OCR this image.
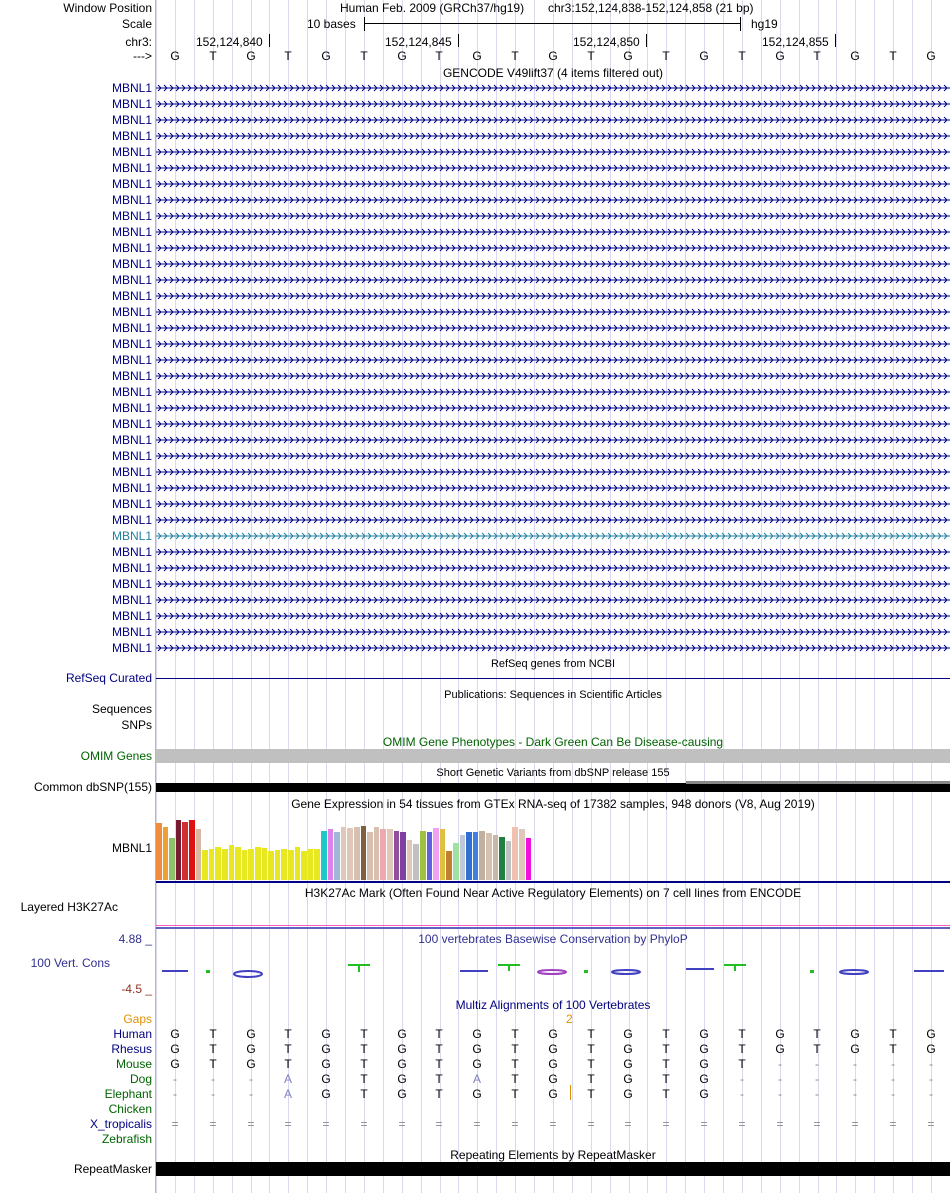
Window Position
Scale
chr3:
--->
Human Feb. 2009 (GRCh37/hg19) chr3:152,124,838-152,124,858 (21 bp)
10 bases	hg19
152,124,840	152,124,845	152,124,850	152,124,855
G	T	G	T	G	T	G	T	G	T	G	T	G	T	G	T	G	T	G	T	G
GENCODE V49lift37 (4 items filtered out)
MBNL1
MBNL1
MBNL1
MBNL1
MBNL1
MBNL1
MBNL1
MBNL1
MBNL1
MBNL1
MBNL1
MBNL1
MBNL1
MBNL1
MBNL1
MBNL1
MBNL1
MBNL1
MBNL1
MBNL1
MBNL1
MBNL1
MBNL1
MBNL1
MBNL1
MBNL1
MBNL1
MBNL1
MBNL1
MBNL1
MBNL1
MBNL1
MBNL1
MBNL1
MBNL1
MBNL1
RefSeq genes from NCBI
RefSeq Curated
Publications: Sequences in Scientific Articles
Sequences
SNPs
OMIM Gene Phenotypes - Dark Green Can Be Disease-causing
OMIM Genes
Short Genetic Variants from dbSNP release 155
Common dbSNP(155)
Gene Expression in 54 tissues from GTEx RNA-seq of 17382 samples, 948 donors (V8, Aug 2019)
MBNL1
H3K27Ac Mark (Often Found Near Active Regulatory Elements) on 7 cell lines from ENCODE
Layered H3K27Ac
100 vertebrates Basewise Conservation by PhyloP
4.88 _
100 Vert. Cons
-4.5 _
Multiz Alignments of 100 Vertebrates
Gaps	2
Human	G	T	G	T	G	T	G	T	G	T	G	T	G	T	G	T	G	T	G	T	G
Rhesus	G	T	G	T	G	T	G	T	G	T	G	T	G	T	G	T	G	T	G	T	G
Mouse	G	T	G	T	G	T	G	T	G	T	G	T	G	T	G	T	-	-	-	-	-
Dog	-	-	-	A	G	T	G	T	A	T	G	T	G	T	G	-	-	-	-	-	-
Elephant	-	-	-	A	G	T	G	T	G	T	G	T	G	T	G	-	-	-	-	-	-
Chicken
X_tropicalis	=	=	=	=	=	=	=	=	=	=	=	=	=	=	=	=	=	=	=	=	=
Zebrafish
Repeating Elements by RepeatMasker
RepeatMasker
